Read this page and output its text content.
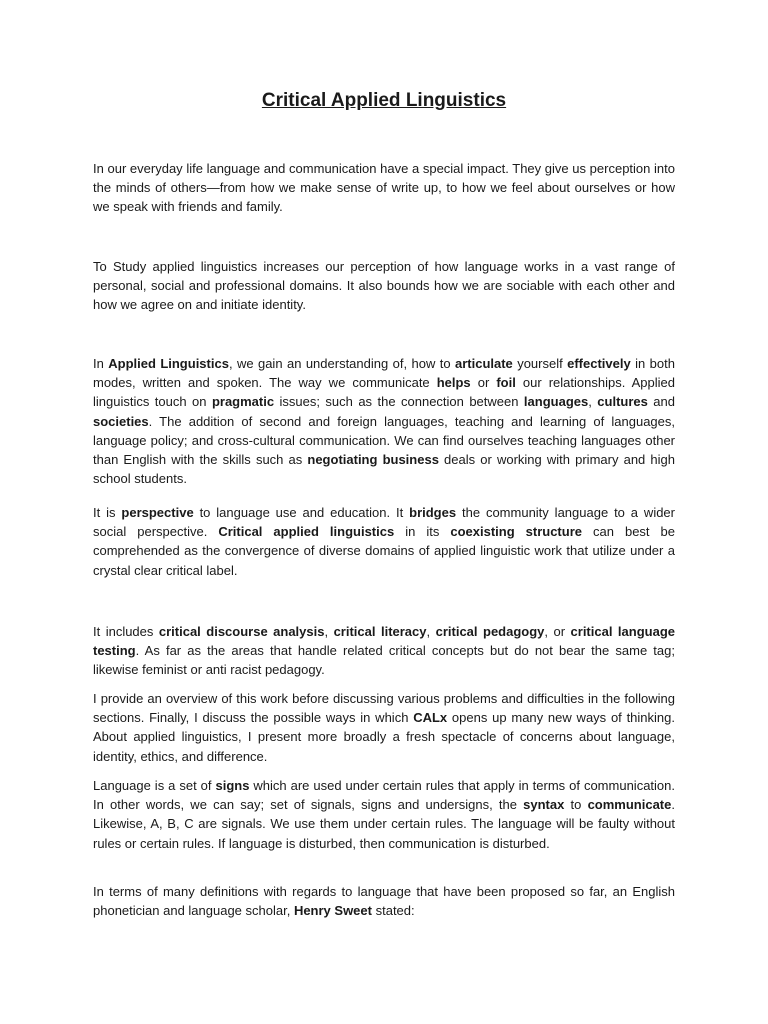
Critical Applied Linguistics

In our everyday life language and communication have a special impact. They give us perception into the minds of others—from how we make sense of write up, to how we feel about ourselves or how we speak with friends and family.

To Study applied linguistics increases our perception of how language works in a vast range of personal, social and professional domains. It also bounds how we are sociable with each other and how we agree on and initiate identity.

In Applied Linguistics, we gain an understanding of, how to articulate yourself effectively in both modes, written and spoken. The way we communicate helps or foil our relationships. Applied linguistics touch on pragmatic issues; such as the connection between languages, cultures and societies. The addition of second and foreign languages, teaching and learning of languages, language policy; and cross-cultural communication. We can find ourselves teaching languages other than English with the skills such as negotiating business deals or working with primary and high school students.

It is perspective to language use and education. It bridges the community language to a wider social perspective. Critical applied linguistics in its coexisting structure can best be comprehended as the convergence of diverse domains of applied linguistic work that utilize under a crystal clear critical label.

It includes critical discourse analysis, critical literacy, critical pedagogy, or critical language testing. As far as the areas that handle related critical concepts but do not bear the same tag; likewise feminist or anti racist pedagogy.

I provide an overview of this work before discussing various problems and difficulties in the following sections. Finally, I discuss the possible ways in which CALx opens up many new ways of thinking. About applied linguistics, I present more broadly a fresh spectacle of concerns about language, identity, ethics, and difference.

Language is a set of signs which are used under certain rules that apply in terms of communication. In other words, we can say; set of signals, signs and undersigns, the syntax to communicate. Likewise, A, B, C are signals. We use them under certain rules. The language will be faulty without rules or certain rules. If language is disturbed, then communication is disturbed.

In terms of many definitions with regards to language that have been proposed so far, an English phonetician and language scholar, Henry Sweet stated:
